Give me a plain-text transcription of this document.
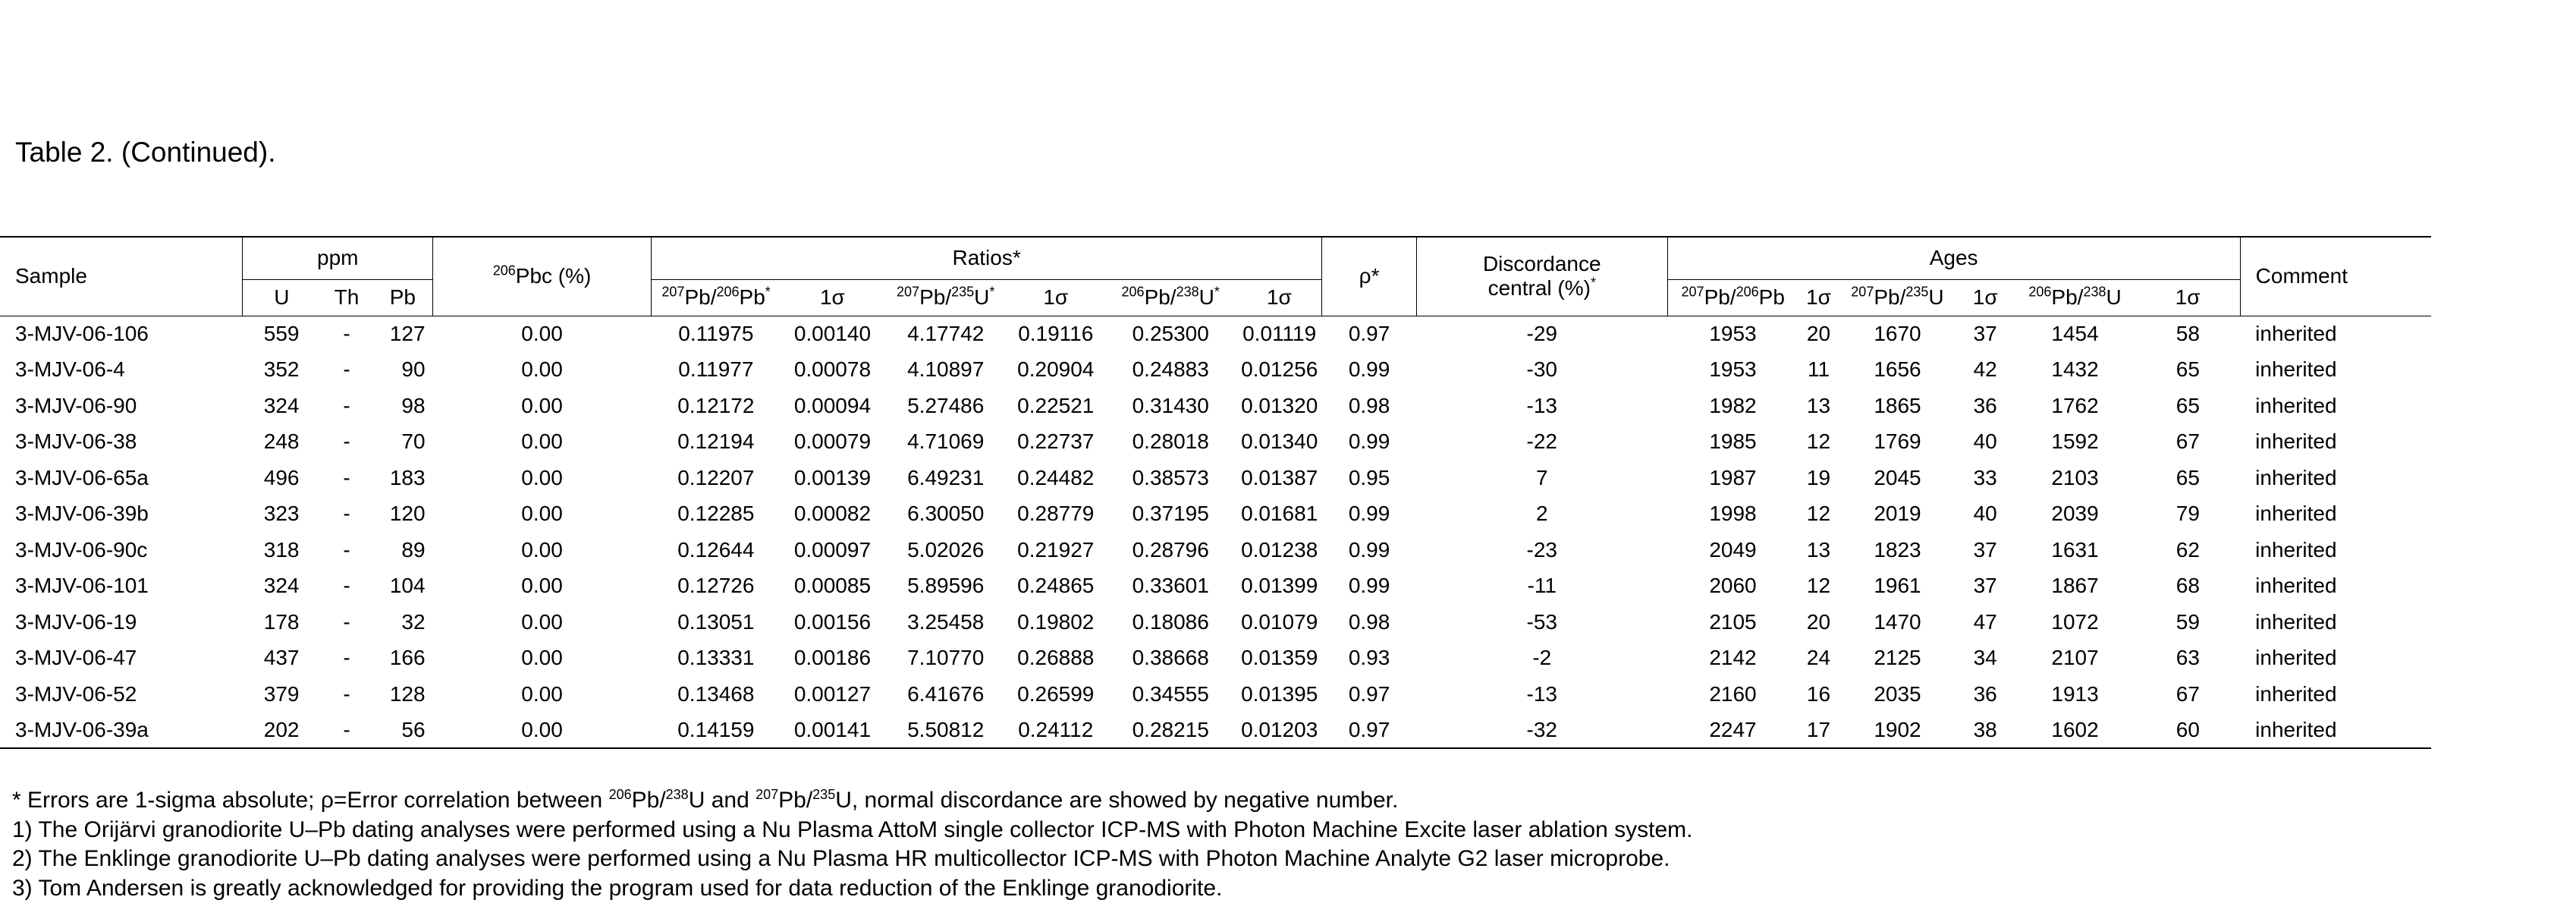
Table 2. (Continued).
Sample	ppm			$^{206}$Pbc (%)	Ratios*						ρ*	Discordance
central (%)*	Ages						Comment
	U	Th	Pb		$^{207}$Pb/$^{206}$Pb*	1σ	$^{207}$Pb/$^{235}$U*	1σ	$^{206}$Pb/$^{238}$U*	1σ			$^{207}$Pb/$^{206}$Pb	1σ	$^{207}$Pb/$^{235}$U	1σ	$^{206}$Pb/$^{238}$U	1σ	
3-MJV-06-106	559	-	127	0.00	0.11975	0.00140	4.17742	0.19116	0.25300	0.01119	0.97	-29	1953	20	1670	37	1454	58	inherited
3-MJV-06-4	352	-	90	0.00	0.11977	0.00078	4.10897	0.20904	0.24883	0.01256	0.99	-30	1953	11	1656	42	1432	65	inherited
3-MJV-06-90	324	-	98	0.00	0.12172	0.00094	5.27486	0.22521	0.31430	0.01320	0.98	-13	1982	13	1865	36	1762	65	inherited
3-MJV-06-38	248	-	70	0.00	0.12194	0.00079	4.71069	0.22737	0.28018	0.01340	0.99	-22	1985	12	1769	40	1592	67	inherited
3-MJV-06-65a	496	-	183	0.00	0.12207	0.00139	6.49231	0.24482	0.38573	0.01387	0.95	7	1987	19	2045	33	2103	65	inherited
3-MJV-06-39b	323	-	120	0.00	0.12285	0.00082	6.30050	0.28779	0.37195	0.01681	0.99	2	1998	12	2019	40	2039	79	inherited
3-MJV-06-90c	318	-	89	0.00	0.12644	0.00097	5.02026	0.21927	0.28796	0.01238	0.99	-23	2049	13	1823	37	1631	62	inherited
3-MJV-06-101	324	-	104	0.00	0.12726	0.00085	5.89596	0.24865	0.33601	0.01399	0.99	-11	2060	12	1961	37	1867	68	inherited
3-MJV-06-19	178	-	32	0.00	0.13051	0.00156	3.25458	0.19802	0.18086	0.01079	0.98	-53	2105	20	1470	47	1072	59	inherited
3-MJV-06-47	437	-	166	0.00	0.13331	0.00186	7.10770	0.26888	0.38668	0.01359	0.93	-2	2142	24	2125	34	2107	63	inherited
3-MJV-06-52	379	-	128	0.00	0.13468	0.00127	6.41676	0.26599	0.34555	0.01395	0.97	-13	2160	16	2035	36	1913	67	inherited
3-MJV-06-39a	202	-	56	0.00	0.14159	0.00141	5.50812	0.24112	0.28215	0.01203	0.97	-32	2247	17	1902	38	1602	60	inherited
* Errors are 1-sigma absolute; ρ=Error correlation between $^{206}$Pb/$^{238}$U and $^{207}$Pb/$^{235}$U, normal discordance are showed by negative number.
1) The Orijärvi granodiorite U–Pb dating analyses were performed using a Nu Plasma AttoM single collector ICP-MS with Photon Machine Excite laser ablation system.
2) The Enklinge granodiorite U–Pb dating analyses were performed using a Nu Plasma HR multicollector ICP-MS with Photon Machine Analyte G2 laser microprobe.
3) Tom Andersen is greatly acknowledged for providing the program used for data reduction of the Enklinge granodiorite.
